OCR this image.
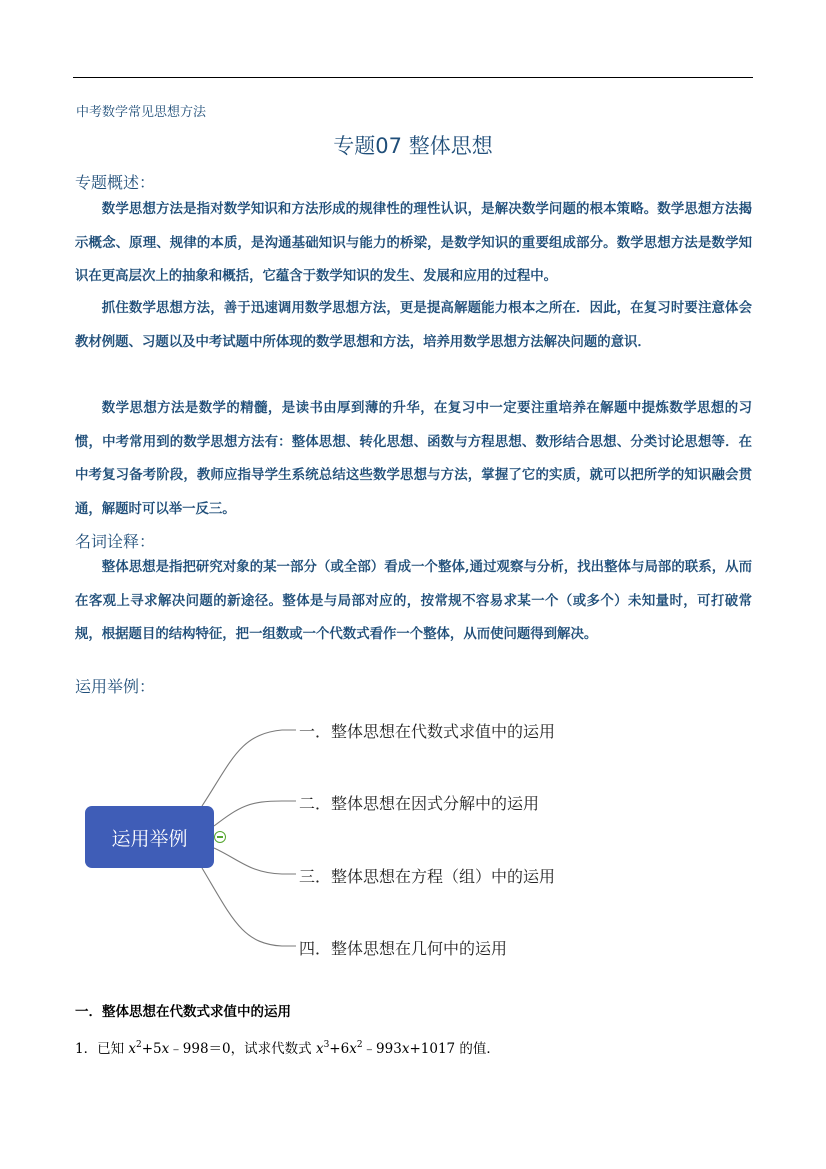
中考数学常见思想方法
专题07 整体思想
专题概述：

数学思想方法是指对数学知识和方法形成的规律性的理性认识，是解决数学问题的根本策略。数学思想方法揭示概念、原理、规律的本质，是沟通基础知识与能力的桥梁，是数学知识的重要组成部分。数学思想方法是数学知识在更高层次上的抽象和概括，它蕴含于数学知识的发生、发展和应用的过程中。

抓住数学思想方法，善于迅速调用数学思想方法，更是提高解题能力根本之所在．因此，在复习时要注意体会教材例题、习题以及中考试题中所体现的数学思想和方法，培养用数学思想方法解决问题的意识．

数学思想方法是数学的精髓，是读书由厚到薄的升华，在复习中一定要注重培养在解题中提炼数学思想的习惯，中考常用到的数学思想方法有：整体思想、转化思想、函数与方程思想、数形结合思想、分类讨论思想等．在中考复习备考阶段，教师应指导学生系统总结这些数学思想与方法，掌握了它的实质，就可以把所学的知识融会贯通，解题时可以举一反三。

名词诠释：

整体思想是指把研究对象的某一部分（或全部）看成一个整体,通过观察与分析，找出整体与局部的联系，从而在客观上寻求解决问题的新途径。整体是与局部对应的，按常规不容易求某一个（或多个）未知量时，可打破常规，根据题目的结构特征，把一组数或一个代数式看作一个整体，从而使问题得到解决。

运用举例：
运用举例
一．整体思想在代数式求值中的运用
二．整体思想在因式分解中的运用
三．整体思想在方程（组）中的运用
四．整体思想在几何中的运用
一．整体思想在代数式求值中的运用
1．已知 $x^2+5x﹣998=0$，试求代数式 $x^3+6x^2﹣993x+1017$ 的值．
